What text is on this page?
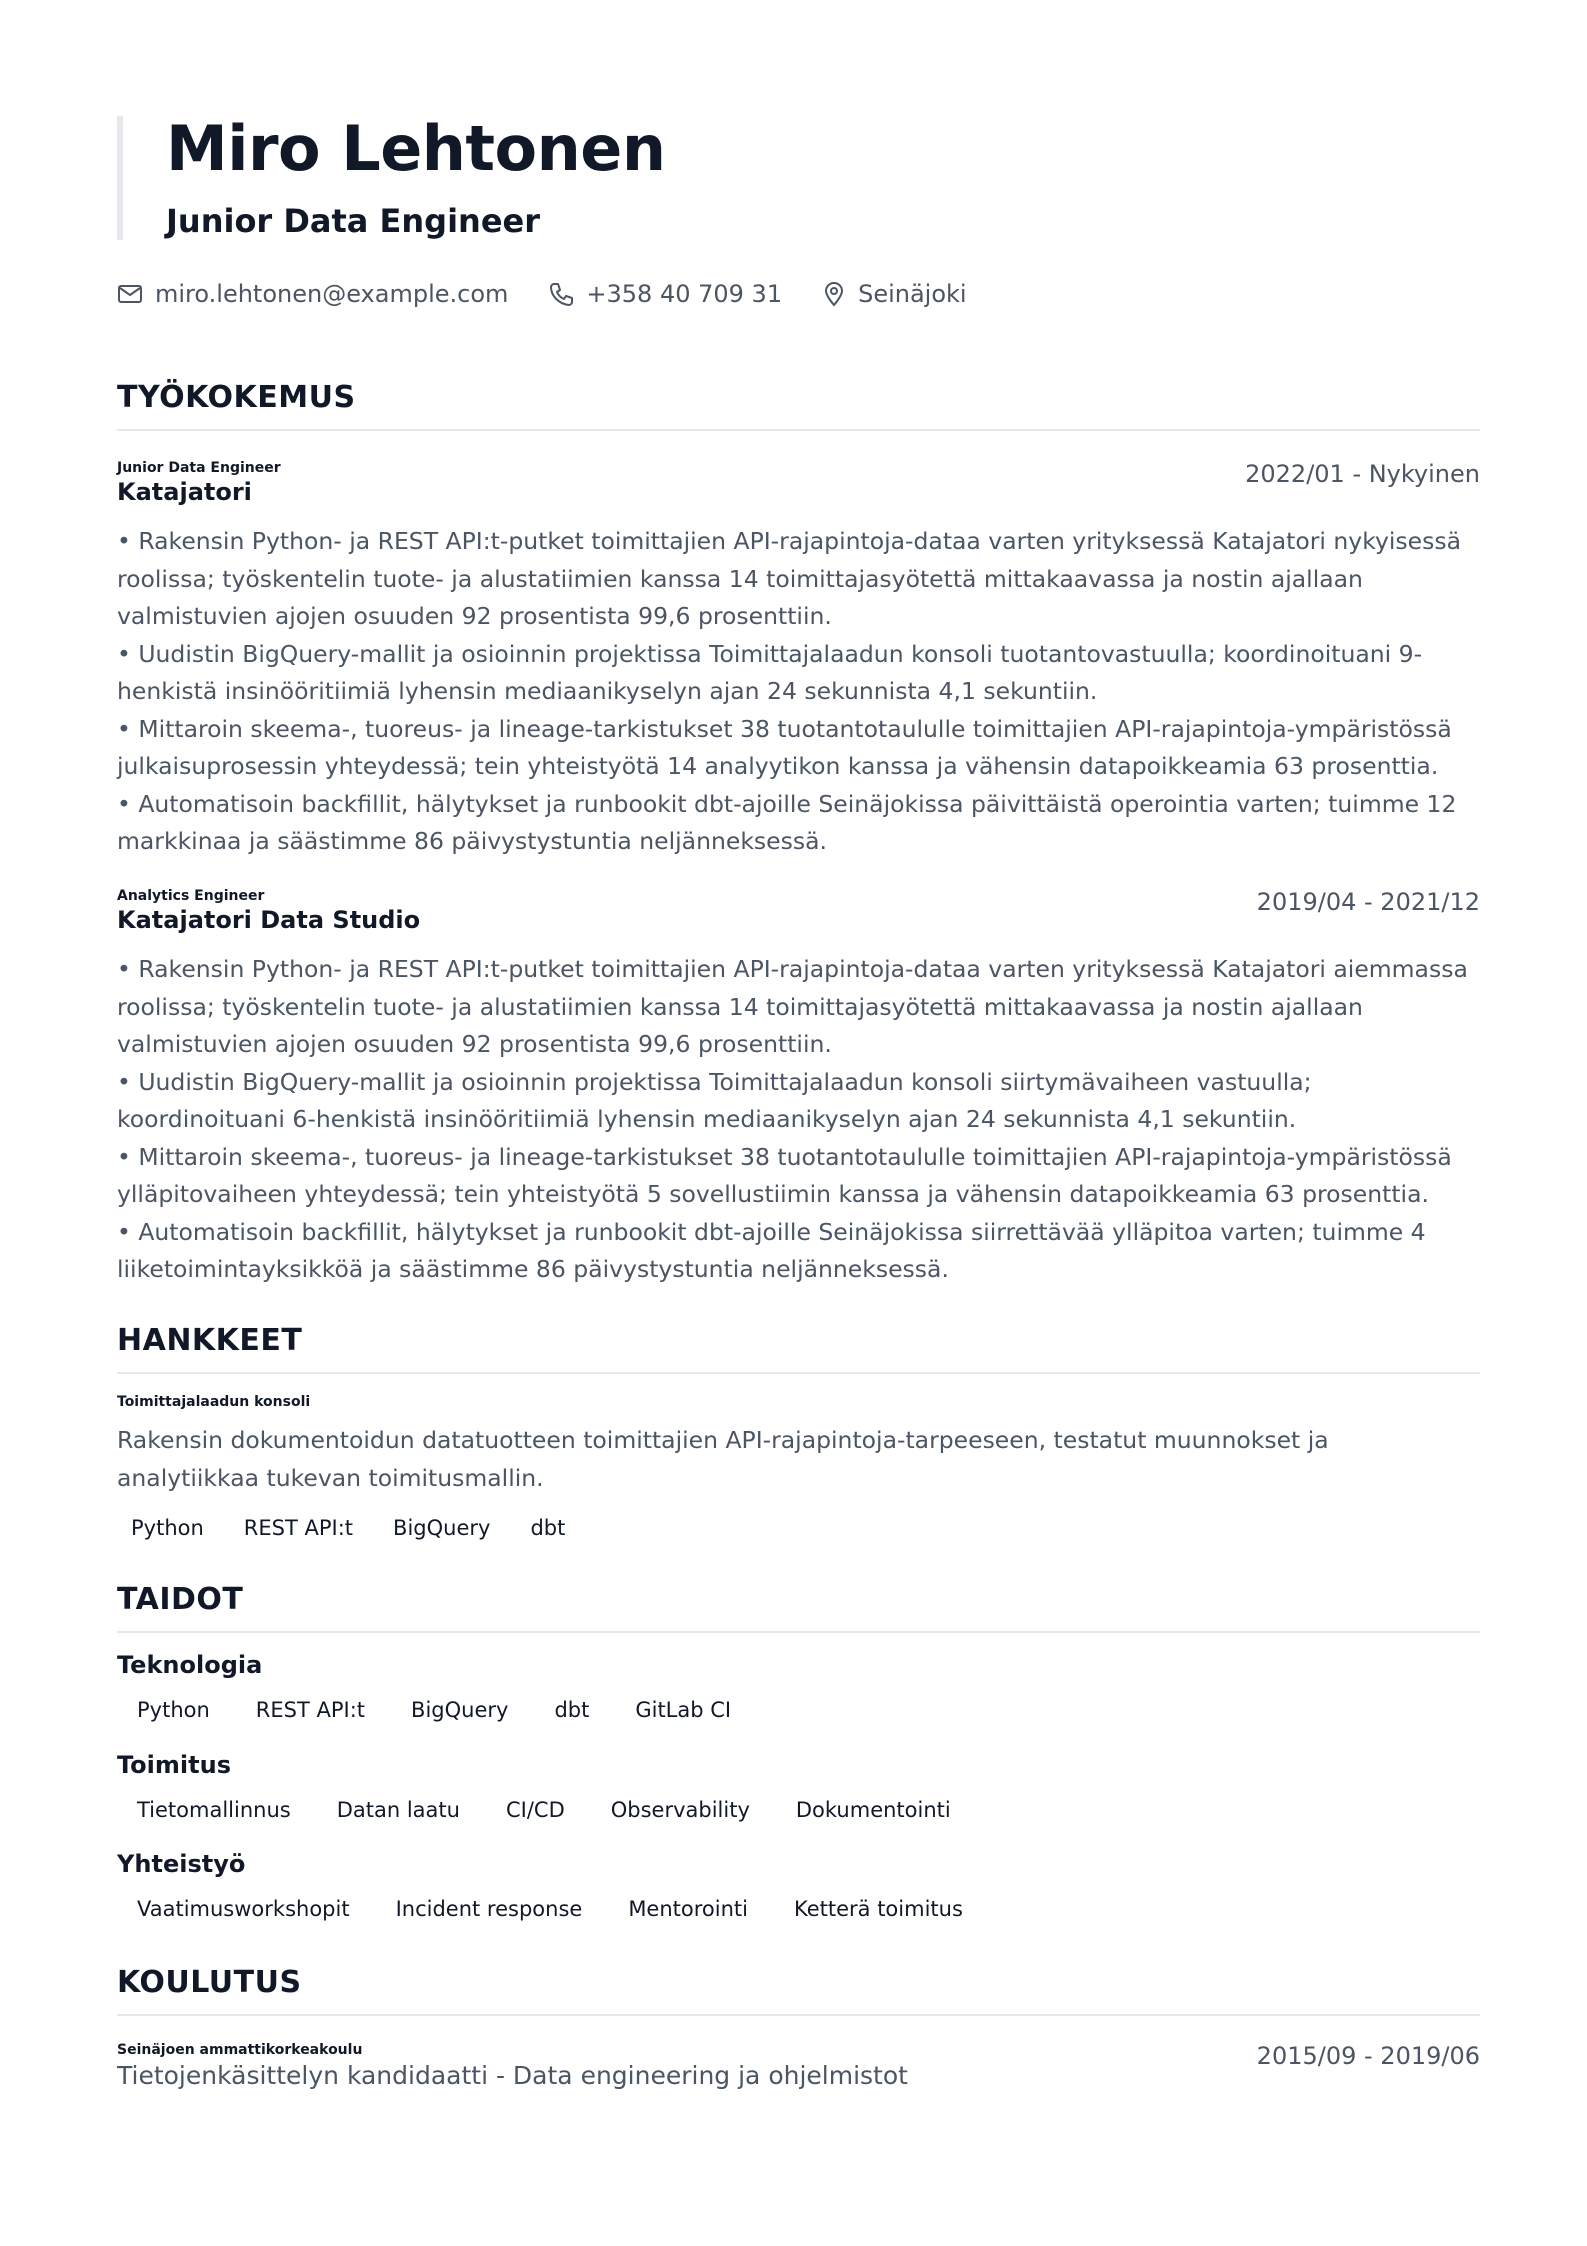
Miro Lehtonen
Junior Data Engineer
miro.lehtonen@example.com	+358 40 709 31	Seinäjoki
TYÖKOKEMUS
Junior Data Engineer
Katajatori
2022/01 - Nykyinen

• Rakensin Python- ja REST API:t-putket toimittajien API-rajapintoja-dataa varten yrityksessä Katajatori nykyisessä roolissa; työskentelin tuote- ja alustatiimien kanssa 14 toimittajasyötettä mittakaavassa ja nostin ajallaan valmistuvien ajojen osuuden 92 prosentista 99,6 prosenttiin.

• Uudistin BigQuery-mallit ja osioinnin projektissa Toimittajalaadun konsoli tuotantovastuulla; koordinoituani 9-henkistä insinööritiimiä lyhensin mediaanikyselyn ajan 24 sekunnista 4,1 sekuntiin.

• Mittaroin skeema-, tuoreus- ja lineage-tarkistukset 38 tuotantotaululle toimittajien API-rajapintoja-ympäristössä julkaisuprosessin yhteydessä; tein yhteistyötä 14 analyytikon kanssa ja vähensin datapoikkeamia 63 prosenttia.

• Automatisoin backfillit, hälytykset ja runbookit dbt-ajoille Seinäjokissa päivittäistä operointia varten; tuimme 12 markkinaa ja säästimme 86 päivystystuntia neljänneksessä.

Analytics Engineer
Katajatori Data Studio
2019/04 - 2021/12

• Rakensin Python- ja REST API:t-putket toimittajien API-rajapintoja-dataa varten yrityksessä Katajatori aiemmassa roolissa; työskentelin tuote- ja alustatiimien kanssa 14 toimittajasyötettä mittakaavassa ja nostin ajallaan valmistuvien ajojen osuuden 92 prosentista 99,6 prosenttiin.

• Uudistin BigQuery-mallit ja osioinnin projektissa Toimittajalaadun konsoli siirtymävaiheen vastuulla; koordinoituani 6-henkistä insinööritiimiä lyhensin mediaanikyselyn ajan 24 sekunnista 4,1 sekuntiin.

• Mittaroin skeema-, tuoreus- ja lineage-tarkistukset 38 tuotantotaululle toimittajien API-rajapintoja-ympäristössä ylläpitovaiheen yhteydessä; tein yhteistyötä 5 sovellustiimin kanssa ja vähensin datapoikkeamia 63 prosenttia.

• Automatisoin backfillit, hälytykset ja runbookit dbt-ajoille Seinäjokissa siirrettävää ylläpitoa varten; tuimme 4 liiketoimintayksikköä ja säästimme 86 päivystystuntia neljänneksessä.

HANKKEET
Toimittajalaadun konsoli
Rakensin dokumentoidun datatuotteen toimittajien API-rajapintoja-tarpeeseen, testatut muunnokset ja analytiikkaa tukevan toimitusmallin.
Python	REST API:t	BigQuery	dbt
TAIDOT
Teknologia
Python	REST API:t	BigQuery	dbt	GitLab CI
Toimitus
Tietomallinnus	Datan laatu	CI/CD	Observability	Dokumentointi
Yhteistyö
Vaatimusworkshopit	Incident response	Mentorointi	Ketterä toimitus
KOULUTUS
Seinäjoen ammattikorkeakoulu
Tietojenkäsittelyn kandidaatti - Data engineering ja ohjelmistot
2015/09 - 2019/06
